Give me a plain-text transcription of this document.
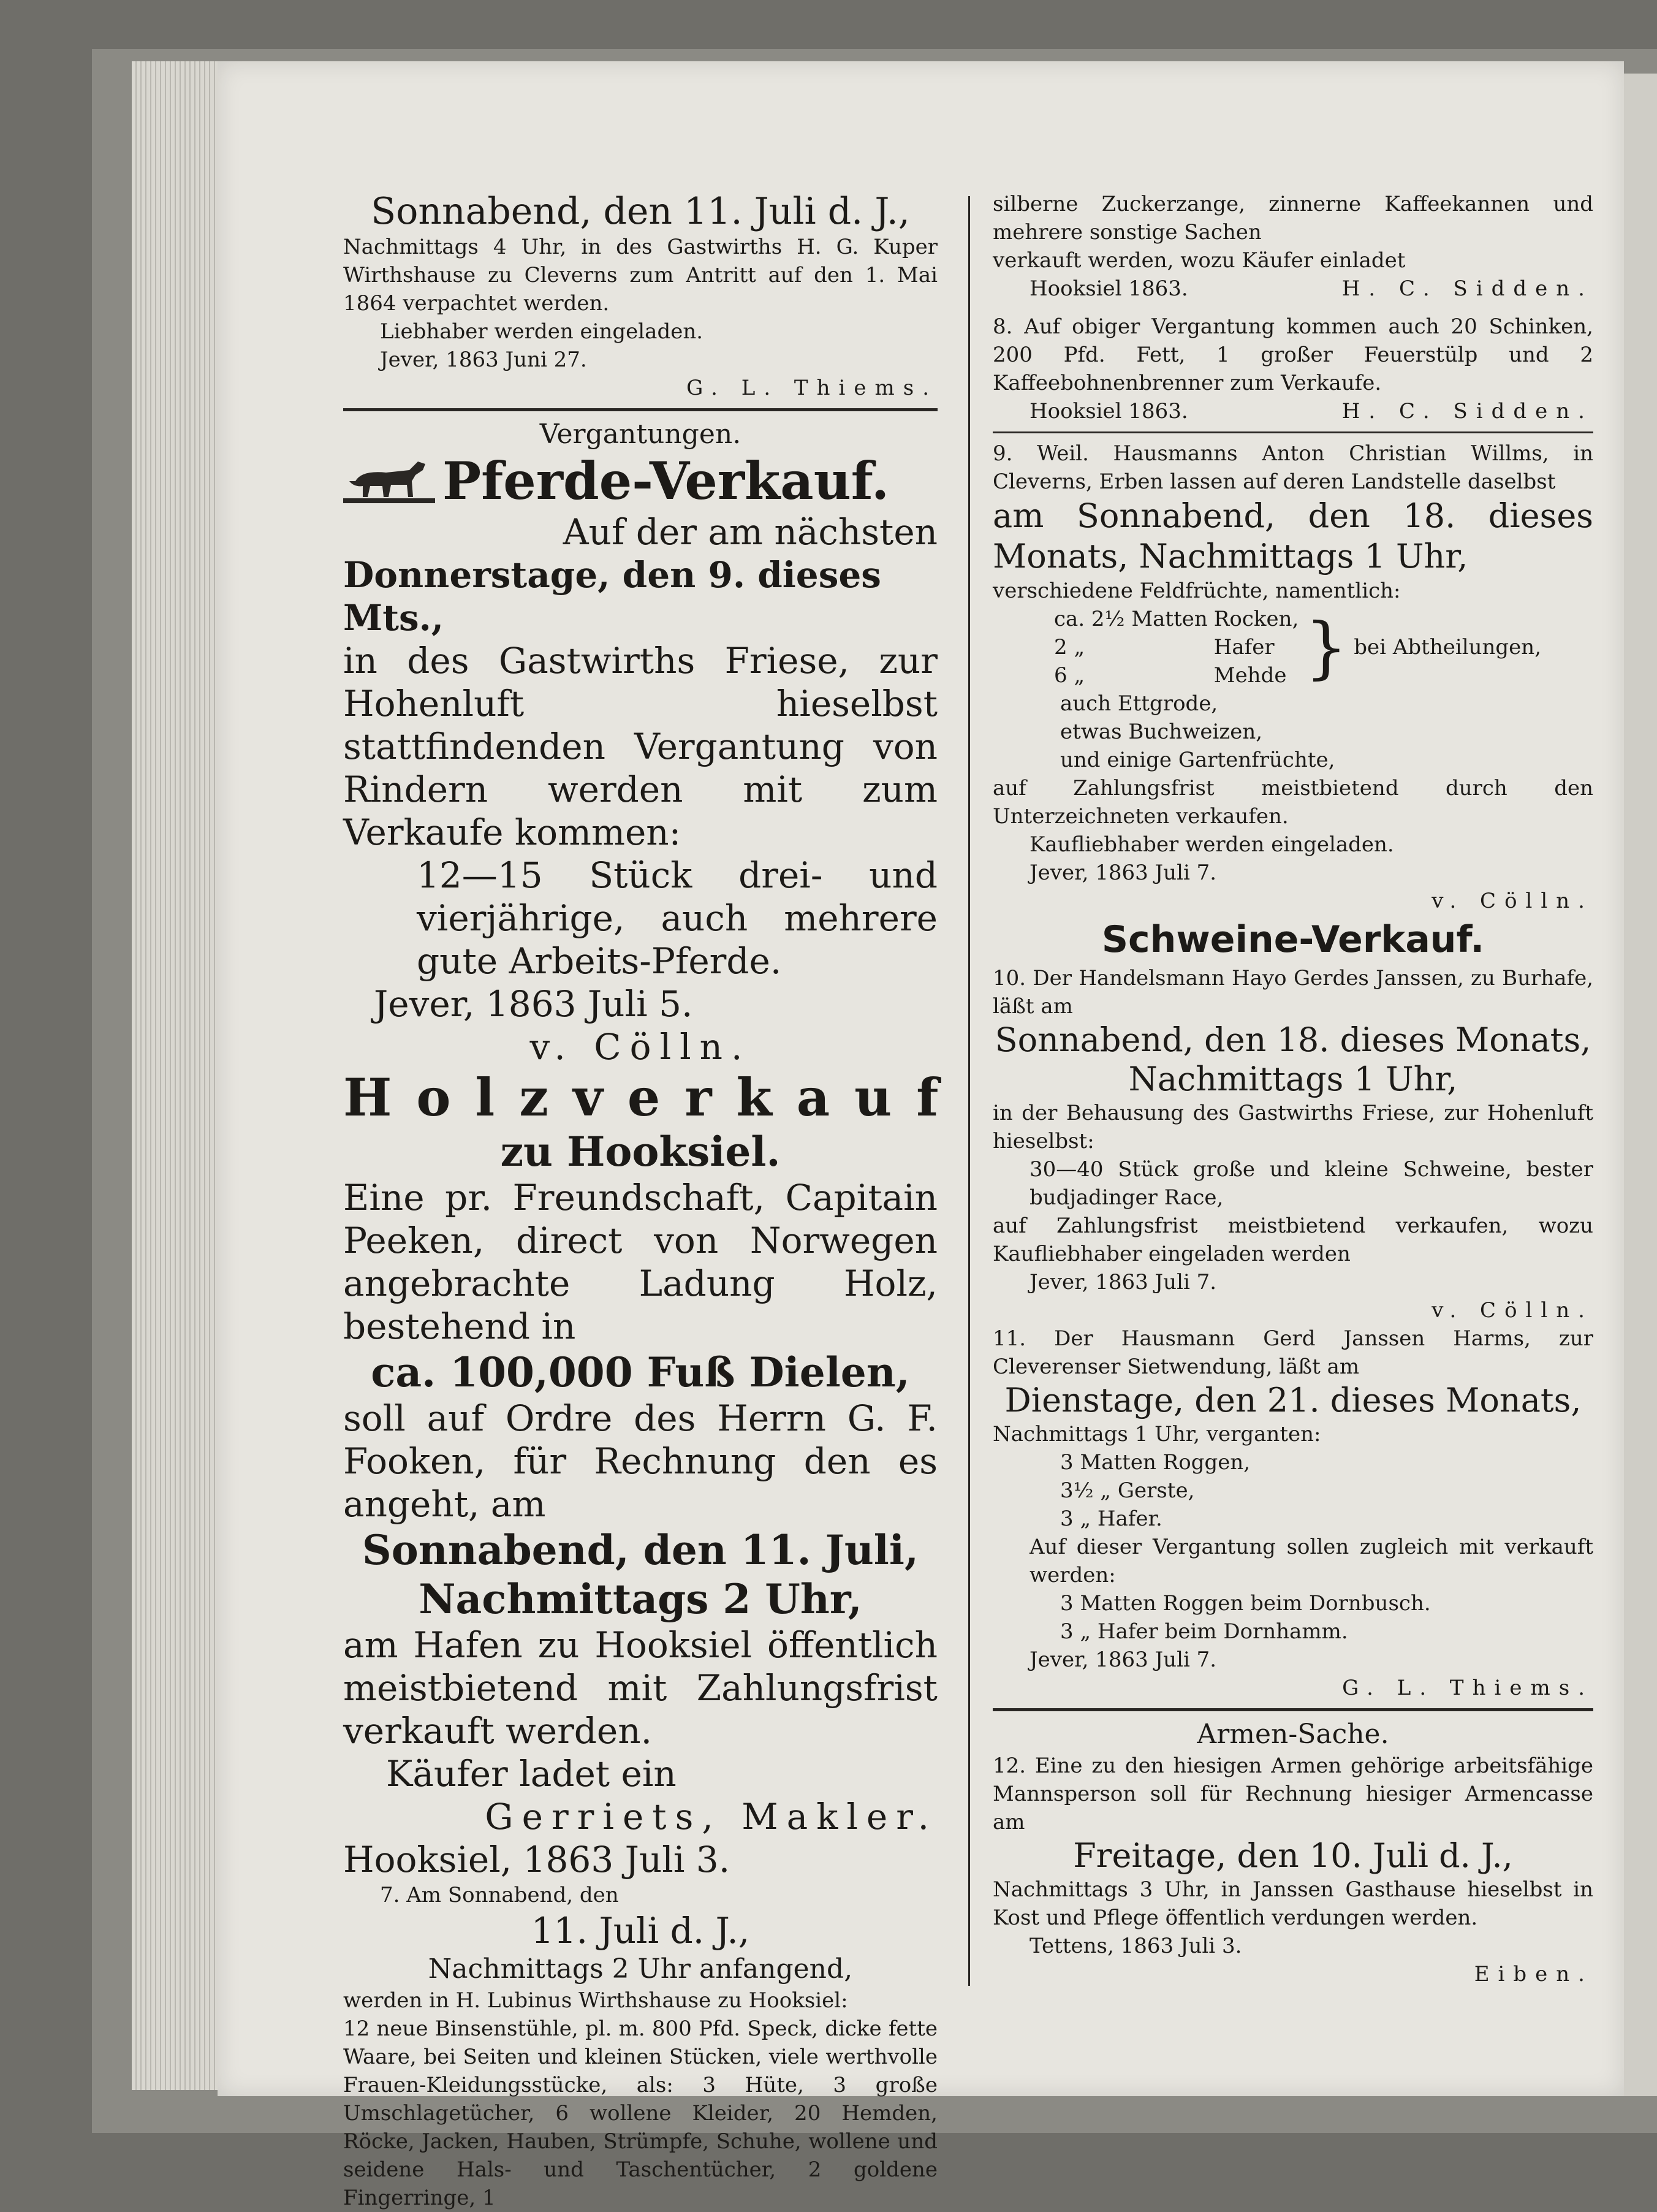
Sonnabend, den 11. Juli d. J.,

Nachmittags 4 Uhr, in des Gastwirths H. G. Kuper Wirthshause zu Cleverns zum Antritt auf den 1. Mai 1864 verpachtet werden.

Liebhaber werden eingeladen.

Jever, 1863 Juni 27.

G. L. Thiems.

Vergantungen.

Pferde-Verkauf.

Auf der am nächsten

Donnerstage, den 9. dieses Mts.,

in des Gastwirths Friese, zur Hohenluft hieselbst stattfindenden Vergantung von Rindern werden mit zum Verkaufe kommen:

12—15 Stück drei- und vierjährige, auch mehrere gute Arbeits-Pferde.

Jever, 1863 Juli 5.

v. Cölln.

Holzverkauf

zu Hooksiel.

Eine pr. Freundschaft, Capitain Peeken, direct von Norwegen angebrachte Ladung Holz, bestehend in

ca. 100,000 Fuß Dielen,

soll auf Ordre des Herrn G. F. Fooken, für Rechnung den es angeht, am

Sonnabend, den 11. Juli,

Nachmittags 2 Uhr,

am Hafen zu Hooksiel öffentlich meistbietend mit Zahlungsfrist verkauft werden.

Käufer ladet ein

Gerriets, Makler.

Hooksiel, 1863 Juli 3.

7. Am Sonnabend, den

11. Juli d. J.,

Nachmittags 2 Uhr anfangend,

werden in H. Lubinus Wirthshause zu Hooksiel:

12 neue Binsenstühle, pl. m. 800 Pfd. Speck, dicke fette Waare, bei Seiten und kleinen Stücken, viele werthvolle Frauen-Kleidungsstücke, als: 3 Hüte, 3 große Umschlagetücher, 6 wollene Kleider, 20 Hemden, Röcke, Jacken, Hauben, Strümpfe, Schuhe, wollene und seidene Hals- und Taschentücher, 2 goldene Fingerringe, 1

silberne Zuckerzange, zinnerne Kaffeekannen und mehrere sonstige Sachen

verkauft werden, wozu Käufer einladet

Hooksiel 1863.	H. C. Sidden.

8. Auf obiger Vergantung kommen auch 20 Schinken, 200 Pfd. Fett, 1 großer Feuerstülp und 2 Kaffeebohnenbrenner zum Verkaufe.

Hooksiel 1863.	H. C. Sidden.

9. Weil. Hausmanns Anton Christian Willms, in Cleverns, Erben lassen auf deren Landstelle daselbst

am Sonnabend, den 18. dieses Monats, Nachmittags 1 Uhr,

verschiedene Feldfrüchte, namentlich:

ca. 2½ Matten	Rocken,	}	bei Abtheilungen,
2 „	Hafer		
6 „	Mehde		

auch Ettgrode,

etwas Buchweizen,

und einige Gartenfrüchte,

auf Zahlungsfrist meistbietend durch den Unterzeichneten verkaufen.

Kaufliebhaber werden eingeladen.

Jever, 1863 Juli 7.

v. Cölln.

Schweine-Verkauf.

10. Der Handelsmann Hayo Gerdes Janssen, zu Burhafe, läßt am

Sonnabend, den 18. dieses Monats,

Nachmittags 1 Uhr,

in der Behausung des Gastwirths Friese, zur Hohenluft hieselbst:

30—40 Stück große und kleine Schweine, bester budjadinger Race,

auf Zahlungsfrist meistbietend verkaufen, wozu Kaufliebhaber eingeladen werden

Jever, 1863 Juli 7.

v. Cölln.

11. Der Hausmann Gerd Janssen Harms, zur Cleverenser Sietwendung, läßt am

Dienstage, den 21. dieses Monats,

Nachmittags 1 Uhr, verganten:

3 Matten Roggen,

3½ „ Gerste,

3 „ Hafer.

Auf dieser Vergantung sollen zugleich mit verkauft werden:

3 Matten Roggen beim Dornbusch.

3 „ Hafer beim Dornhamm.

Jever, 1863 Juli 7.

G. L. Thiems.

Armen-Sache.

12. Eine zu den hiesigen Armen gehörige arbeitsfähige Mannsperson soll für Rechnung hiesiger Armencasse am

Freitage, den 10. Juli d. J.,

Nachmittags 3 Uhr, in Janssen Gasthause hieselbst in Kost und Pflege öffentlich verdungen werden.

Tettens, 1863 Juli 3.

Eiben.
